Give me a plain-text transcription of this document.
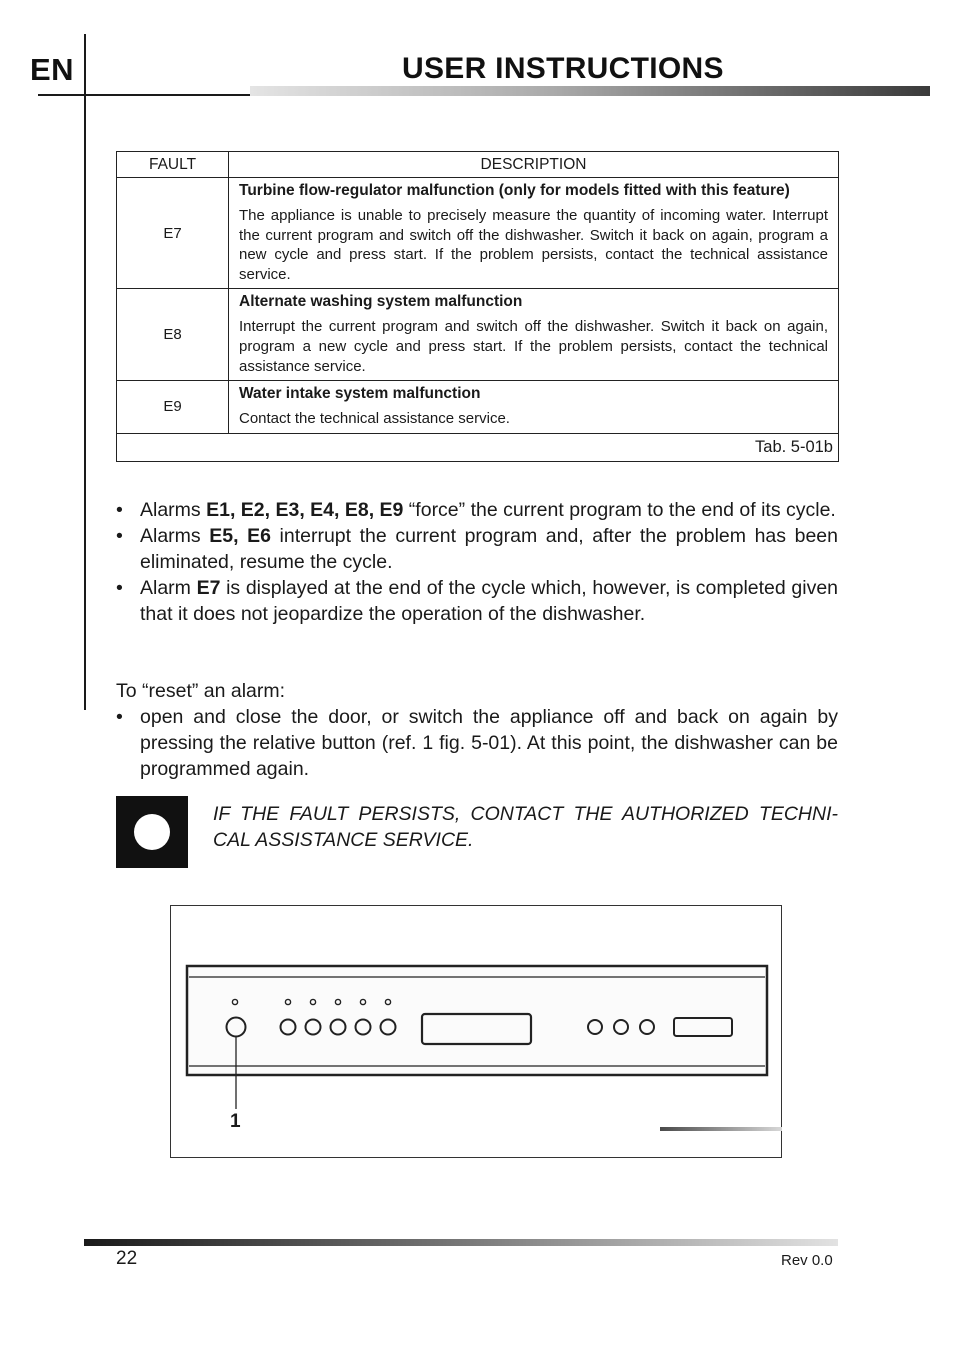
EN	USER INSTRUCTIONS
FAULT	DESCRIPTION
E7	Turbine flow-regulator malfunction (only for models fitted with this feature)
The appliance is unable to precisely measure the quantity of incoming water. Interrupt the current program and switch off the dishwasher. Switch it back on again, program a new cycle and press start. If the problem persists, contact the technical assistance service.

E8	Alternate washing system malfunction
Interrupt the current program and switch off the dishwasher. Switch it back on again, program a new cycle and press start. If the problem persists, contact the technical assistance service.

E9	Water intake system malfunction
Contact the technical assistance service.

Tab. 5-01b	
• Alarms E1, E2, E3, E4, E8, E9 “force” the current program to the end of its cycle.
• Alarms E5, E6 interrupt the current program and, after the problem has been eliminated, resume the cycle.
• Alarm E7 is displayed at the end of the cycle which, however, is completed given that it does not jeopardize the operation of the dishwasher.
To “reset” an alarm:
• open and close the door, or switch the appliance off and back on again by pressing the relative button (ref. 1 fig. 5-01). At this point, the dishwasher can be programmed again.
IF THE FAULT PERSISTS, CONTACT THE AUTHORIZED TECHNI-CAL ASSISTANCE SERVICE.
1
22	Rev 0.0
